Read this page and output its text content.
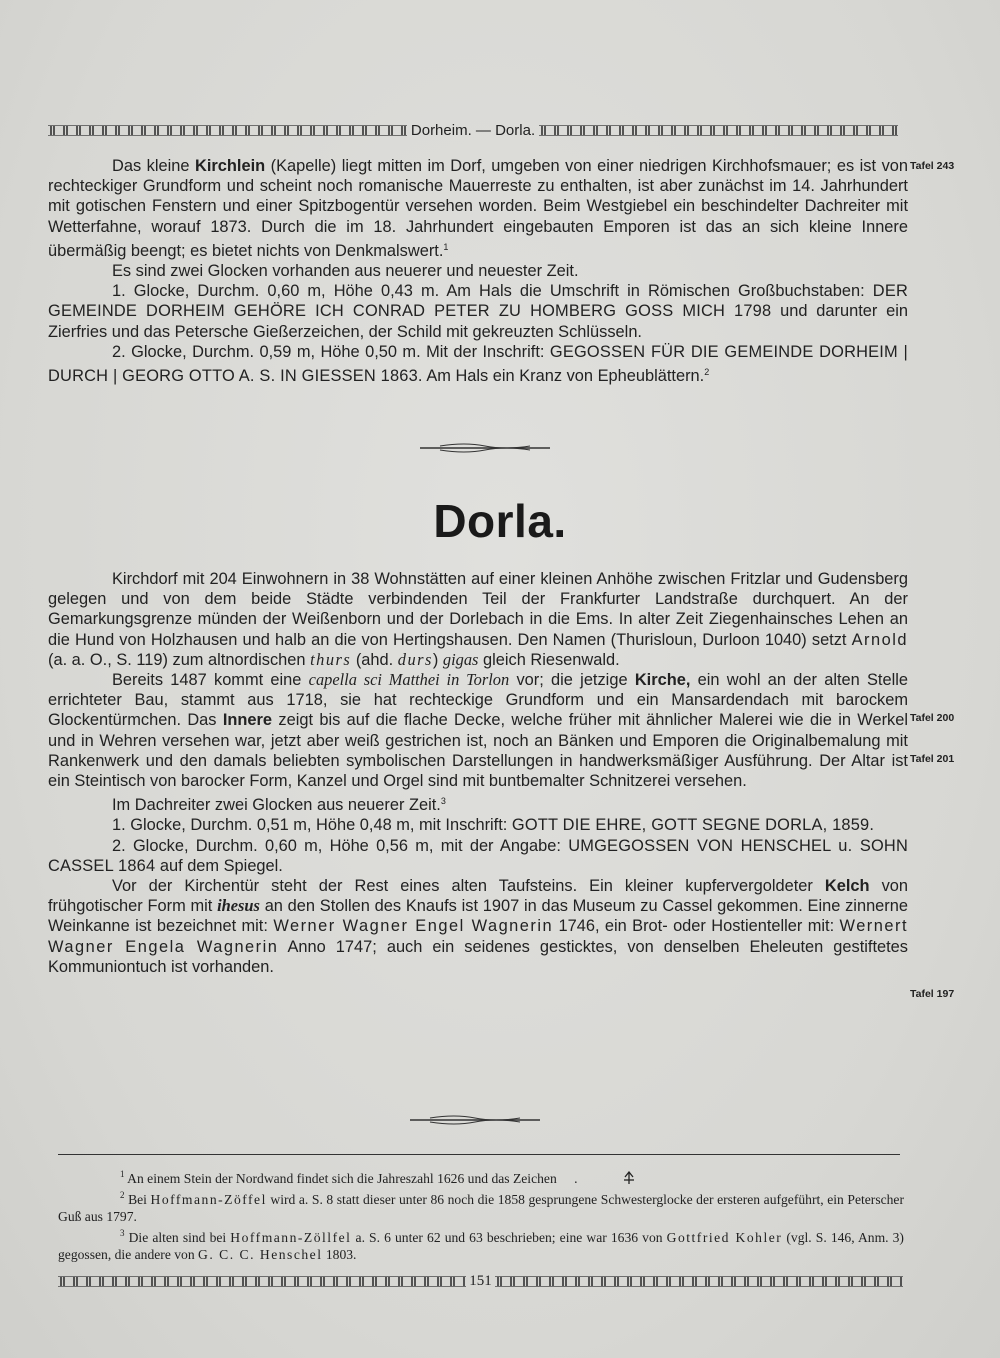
Dorheim. — Dorla.

Das kleine Kirchlein (Kapelle) liegt mitten im Dorf, umgeben von einer niedrigen Kirchhofsmauer; es ist von rechteckiger Grundform und scheint noch romanische Mauerreste zu enthalten, ist aber zunächst im 14. Jahrhundert mit gotischen Fenstern und einer Spitzbogentür versehen worden. Beim Westgiebel ein beschindelter Dachreiter mit Wetterfahne, worauf 1873. Durch die im 18. Jahrhundert eingebauten Emporen ist das an sich kleine Innere übermäßig beengt; es bietet nichts von Denkmalswert.$^1$

Es sind zwei Glocken vorhanden aus neuerer und neuester Zeit.

1. Glocke, Durchm. 0,60 m, Höhe 0,43 m. Am Hals die Umschrift in Römischen Großbuchstaben: DER GEMEINDE DORHEIM GEHÖRE ICH CONRAD PETER ZU HOMBERG GOSS MICH 1798 und darunter ein Zierfries und das Petersche Gießerzeichen, der Schild mit gekreuzten Schlüsseln.

2. Glocke, Durchm. 0,59 m, Höhe 0,50 m. Mit der Inschrift: GEGOSSEN FÜR DIE GEMEINDE DORHEIM | DURCH | GEORG OTTO A. S. IN GIESSEN 1863. Am Hals ein Kranz von Epheublättern.$^2$

Tafel 243
Dorla.

Kirchdorf mit 204 Einwohnern in 38 Wohnstätten auf einer kleinen Anhöhe zwischen Fritzlar und Gudensberg gelegen und von dem beide Städte verbindenden Teil der Frankfurter Landstraße durchquert. An der Gemarkungsgrenze münden der Weißenborn und der Dorlebach in die Ems. In alter Zeit Ziegenhainsches Lehen an die Hund von Holzhausen und halb an die von Hertingshausen. Den Namen (Thurisloun, Durloon 1040) setzt Arnold (a. a. O., S. 119) zum altnordischen thurs (ahd. durs) gigas gleich Riesenwald.

Bereits 1487 kommt eine capella sci Matthei in Torlon vor; die jetzige Kirche, ein wohl an der alten Stelle errichteter Bau, stammt aus 1718, sie hat rechteckige Grundform und ein Mansardendach mit barockem Glockentürmchen. Das Innere zeigt bis auf die flache Decke, welche früher mit ähnlicher Malerei wie die in Werkel und in Wehren versehen war, jetzt aber weiß gestrichen ist, noch an Bänken und Emporen die Originalbemalung mit Rankenwerk und den damals beliebten symbolischen Darstellungen in handwerksmäßiger Ausführung. Der Altar ist ein Steintisch von barocker Form, Kanzel und Orgel sind mit buntbemalter Schnitzerei versehen.

Im Dachreiter zwei Glocken aus neuerer Zeit.$^3$

1. Glocke, Durchm. 0,51 m, Höhe 0,48 m, mit Inschrift: GOTT DIE EHRE, GOTT SEGNE DORLA, 1859.

2. Glocke, Durchm. 0,60 m, Höhe 0,56 m, mit der Angabe: UMGEGOSSEN VON HENSCHEL u. SOHN CASSEL 1864 auf dem Spiegel.

Vor der Kirchentür steht der Rest eines alten Taufsteins. Ein kleiner kupfervergoldeter Kelch von frühgotischer Form mit ihesus an den Stollen des Knaufs ist 1907 in das Museum zu Cassel gekommen. Eine zinnerne Weinkanne ist bezeichnet mit: Werner Wagner Engel Wagnerin 1746, ein Brot- oder Hostienteller mit: Wernert Wagner Engela Wagnerin Anno 1747; auch ein seidenes gesticktes, von denselben Eheleuten gestiftetes Kommuniontuch ist vorhanden.

Tafel 200
Tafel 201
Tafel 197

$^1$ An einem Stein der Nordwand findet sich die Jahreszahl 1626 und das Zeichen .

$^2$ Bei Hoffmann-Zöffel wird a. S. 8 statt dieser unter 86 noch die 1858 gesprungene Schwesterglocke der ersteren aufgeführt, ein Peterscher Guß aus 1797.

$^3$ Die alten sind bei Hoffmann-Zöllfel a. S. 6 unter 62 und 63 beschrieben; eine war 1636 von Gottfried Kohler (vgl. S. 146, Anm. 3) gegossen, die andere von G. C. C. Henschel 1803.

151
